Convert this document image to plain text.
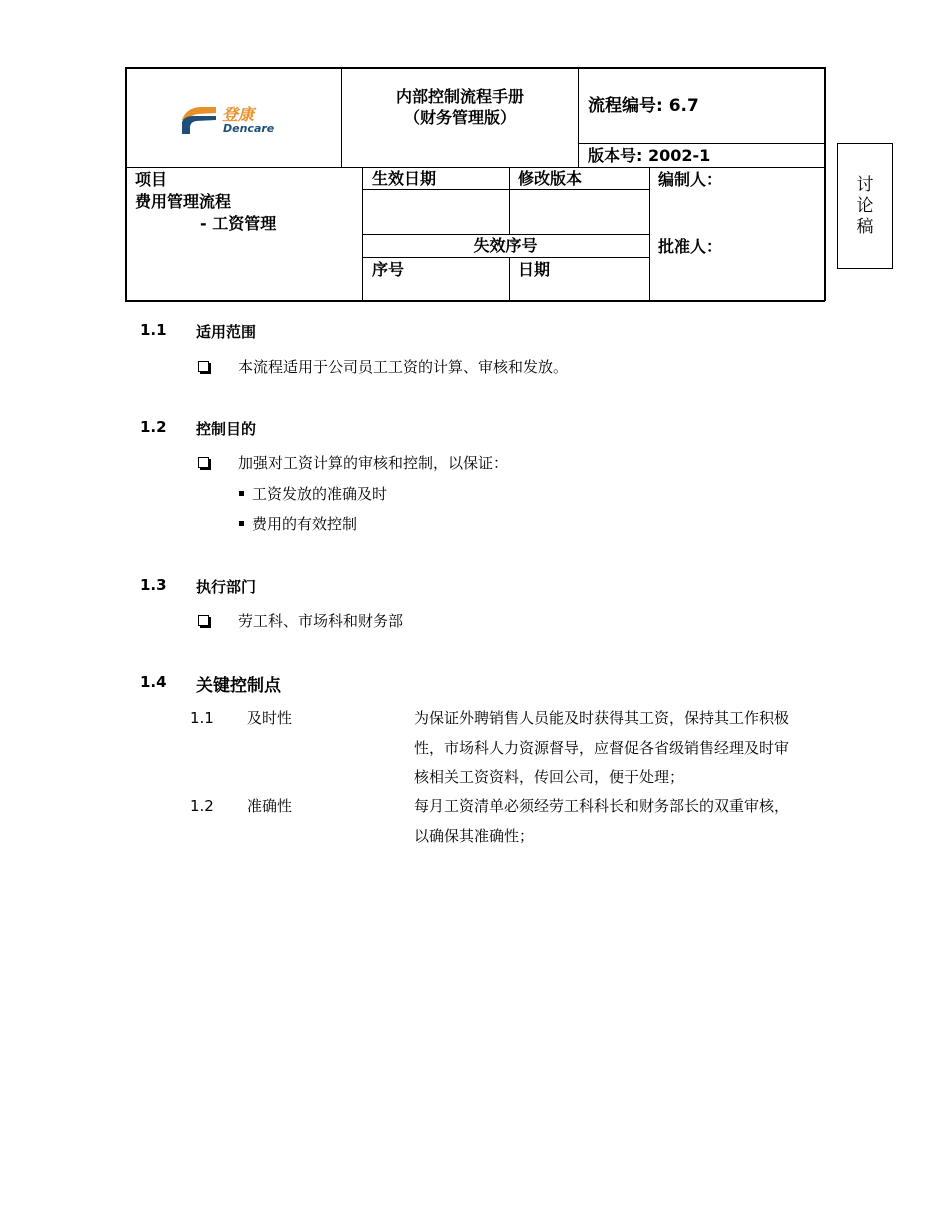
登康
Dencare
内部控制流程手册
（财务管理版）
流程编号: 6.7
版本号: 2002-1
项目
费用管理流程
- 工资管理
生效日期	修改版本
失效序号
序号	日期
编制人：
批准人：
讨
论
稿
1.1 适用范围
本流程适用于公司员工工资的计算、审核和发放。
1.2 控制目的
加强对工资计算的审核和控制，以保证：
工资发放的准确及时
费用的有效控制
1.3 执行部门
劳工科、市场科和财务部
1.4 关键控制点
1.1 及时性	为保证外聘销售人员能及时获得其工资，保持其工作积极
性，市场科人力资源督导，应督促各省级销售经理及时审
核相关工资资料，传回公司，便于处理；
1.2 准确性	每月工资清单必须经劳工科科长和财务部长的双重审核，
以确保其准确性；
